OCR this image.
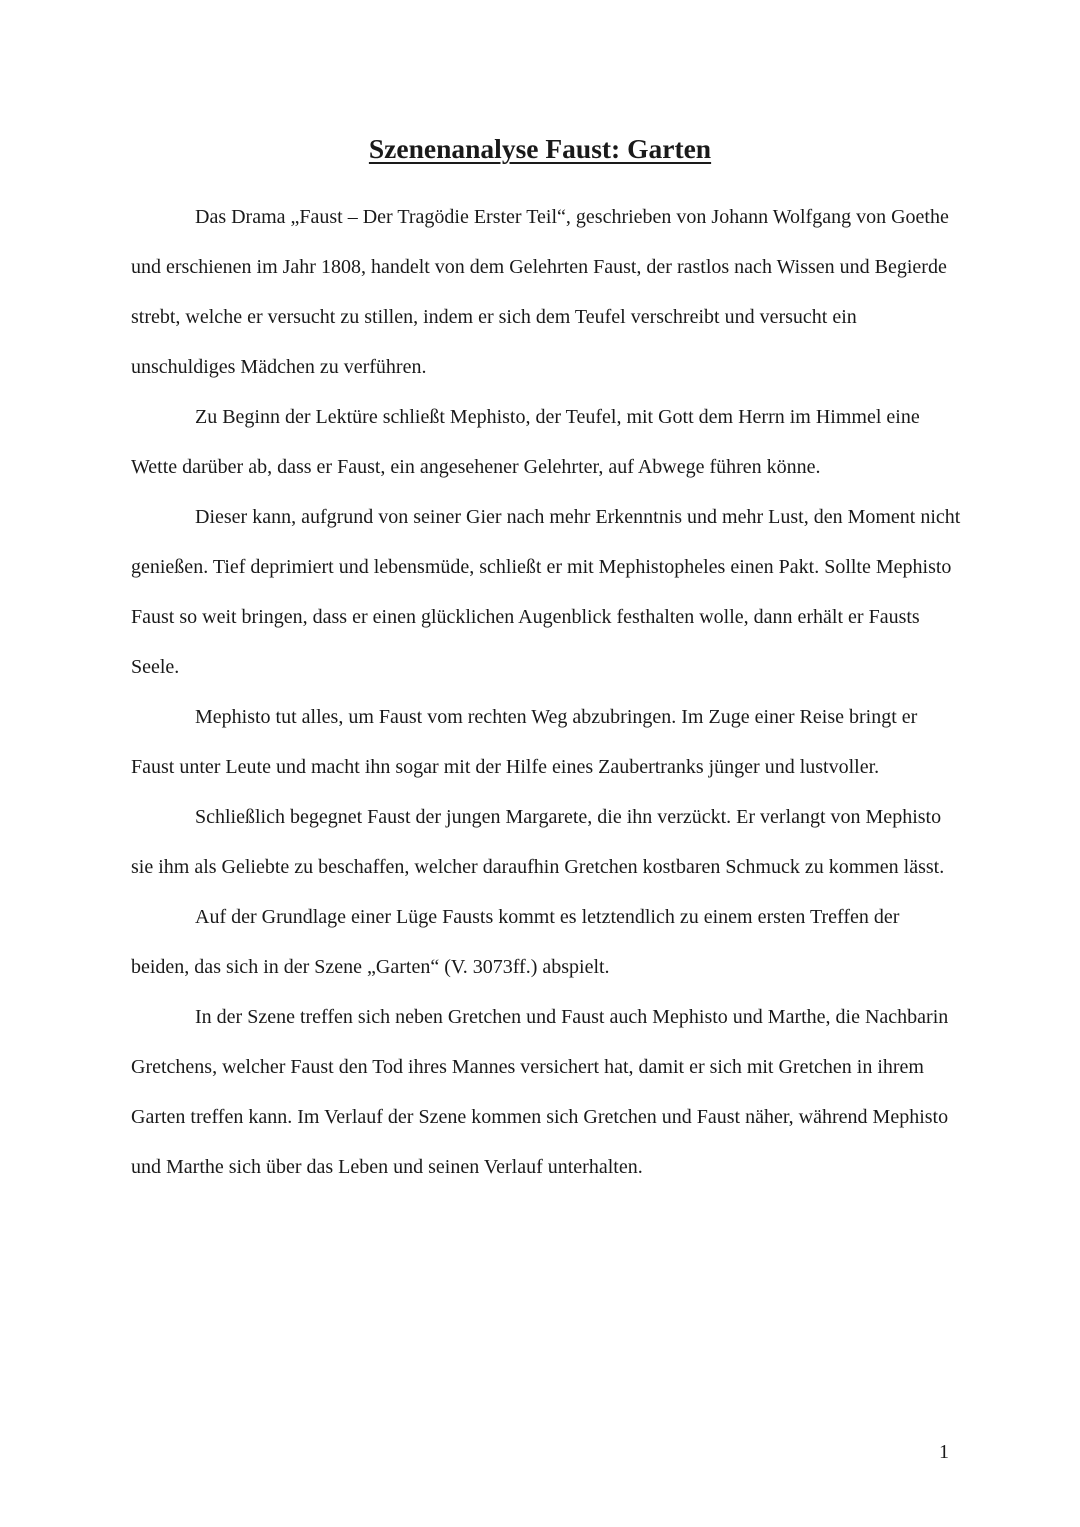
Szenenanalyse Faust: Garten

Das Drama „Faust – Der Tragödie Erster Teil“, geschrieben von Johann Wolfgang von Goethe und erschienen im Jahr 1808, handelt von dem Gelehrten Faust, der rastlos nach Wissen und Begierde strebt, welche er versucht zu stillen, indem er sich dem Teufel verschreibt und versucht ein unschuldiges Mädchen zu verführen.

Zu Beginn der Lektüre schließt Mephisto, der Teufel, mit Gott dem Herrn im Himmel eine Wette darüber ab, dass er Faust, ein angesehener Gelehrter, auf Abwege führen könne.

Dieser kann, aufgrund von seiner Gier nach mehr Erkenntnis und mehr Lust, den Moment nicht genießen. Tief deprimiert und lebensmüde, schließt er mit Mephistopheles einen Pakt. Sollte Mephisto Faust so weit bringen, dass er einen glücklichen Augenblick festhalten wolle, dann erhält er Fausts Seele.

Mephisto tut alles, um Faust vom rechten Weg abzubringen. Im Zuge einer Reise bringt er Faust unter Leute und macht ihn sogar mit der Hilfe eines Zaubertranks jünger und lustvoller.

Schließlich begegnet Faust der jungen Margarete, die ihn verzückt. Er verlangt von Mephisto sie ihm als Geliebte zu beschaffen, welcher daraufhin Gretchen kostbaren Schmuck zu kommen lässt.

Auf der Grundlage einer Lüge Fausts kommt es letztendlich zu einem ersten Treffen der beiden, das sich in der Szene „Garten“ (V. 3073ff.) abspielt.

In der Szene treffen sich neben Gretchen und Faust auch Mephisto und Marthe, die Nachbarin Gretchens, welcher Faust den Tod ihres Mannes versichert hat, damit er sich mit Gretchen in ihrem Garten treffen kann. Im Verlauf der Szene kommen sich Gretchen und Faust näher, während Mephisto und Marthe sich über das Leben und seinen Verlauf unterhalten.

1
